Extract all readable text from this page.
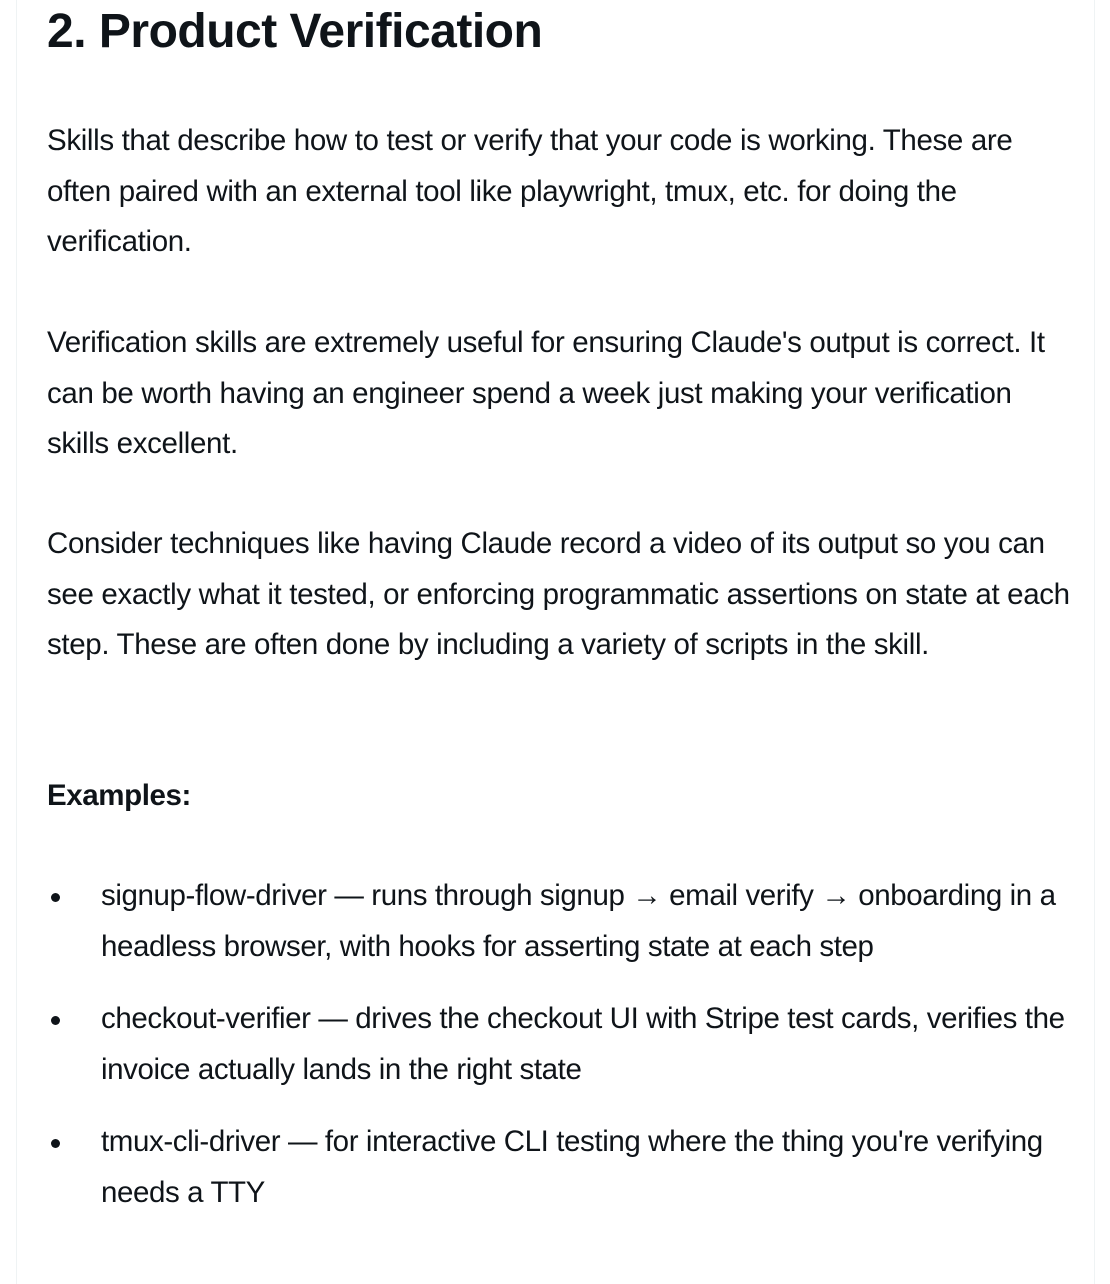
2. Product Verification

Skills that describe how to test or verify that your code is working. These are often paired with an external tool like playwright, tmux, etc. for doing the verification.

Verification skills are extremely useful for ensuring Claude's output is correct. It can be worth having an engineer spend a week just making your verification skills excellent.

Consider techniques like having Claude record a video of its output so you can see exactly what it tested, or enforcing programmatic assertions on state at each step. These are often done by including a variety of scripts in the skill.

Examples:

signup-flow-driver — runs through signup → email verify → onboarding in a headless browser, with hooks for asserting state at each step
checkout-verifier — drives the checkout UI with Stripe test cards, verifies the invoice actually lands in the right state
tmux-cli-driver — for interactive CLI testing where the thing you're verifying needs a TTY
